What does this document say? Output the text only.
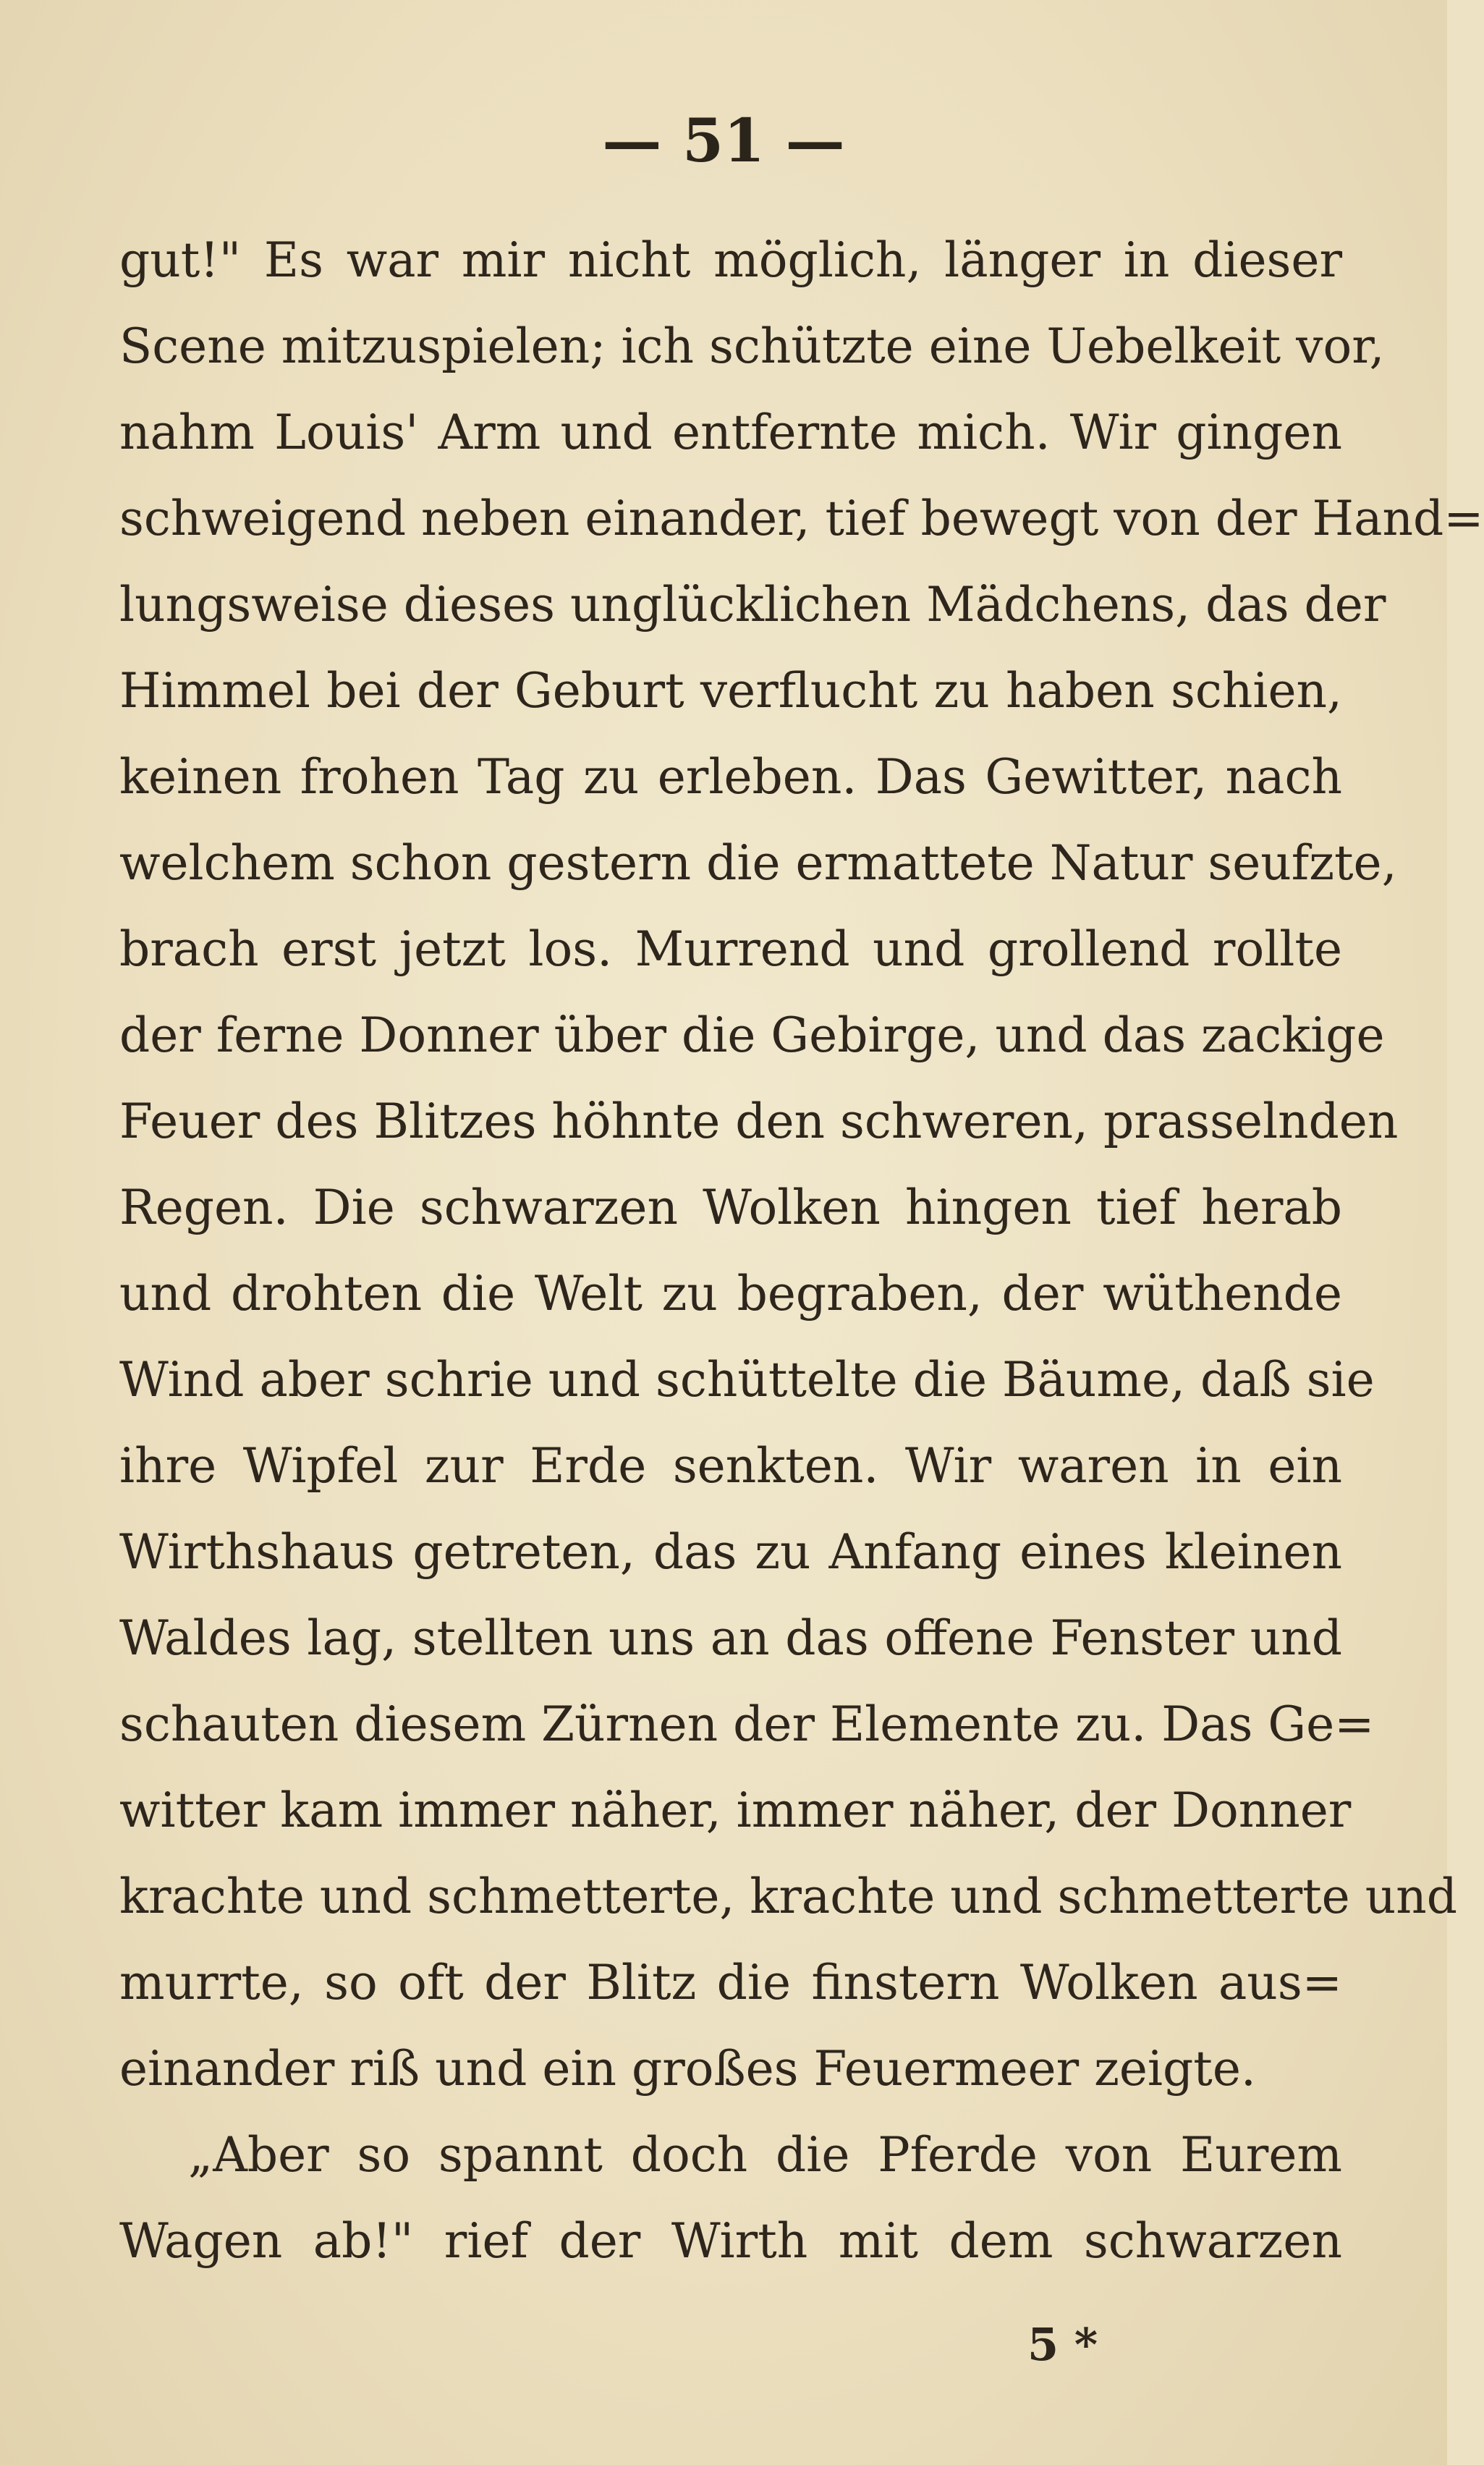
— 51 —
gut!" Es war mir nicht möglich, länger in dieser
Scene mitzuspielen; ich schützte eine Uebelkeit vor,
nahm Louis' Arm und entfernte mich. Wir gingen
schweigend neben einander, tief bewegt von der Hand=
lungsweise dieses unglücklichen Mädchens, das der
Himmel bei der Geburt verflucht zu haben schien,
keinen frohen Tag zu erleben. Das Gewitter, nach
welchem schon gestern die ermattete Natur seufzte,
brach erst jetzt los. Murrend und grollend rollte
der ferne Donner über die Gebirge, und das zackige
Feuer des Blitzes höhnte den schweren, prasselnden
Regen. Die schwarzen Wolken hingen tief herab
und drohten die Welt zu begraben, der wüthende
Wind aber schrie und schüttelte die Bäume, daß sie
ihre Wipfel zur Erde senkten. Wir waren in ein
Wirthshaus getreten, das zu Anfang eines kleinen
Waldes lag, stellten uns an das offene Fenster und
schauten diesem Zürnen der Elemente zu. Das Ge=
witter kam immer näher, immer näher, der Donner
krachte und schmetterte, krachte und schmetterte und
murrte, so oft der Blitz die finstern Wolken aus=
einander riß und ein großes Feuermeer zeigte.
„Aber so spannt doch die Pferde von Eurem
Wagen ab!" rief der Wirth mit dem schwarzen
5 *
